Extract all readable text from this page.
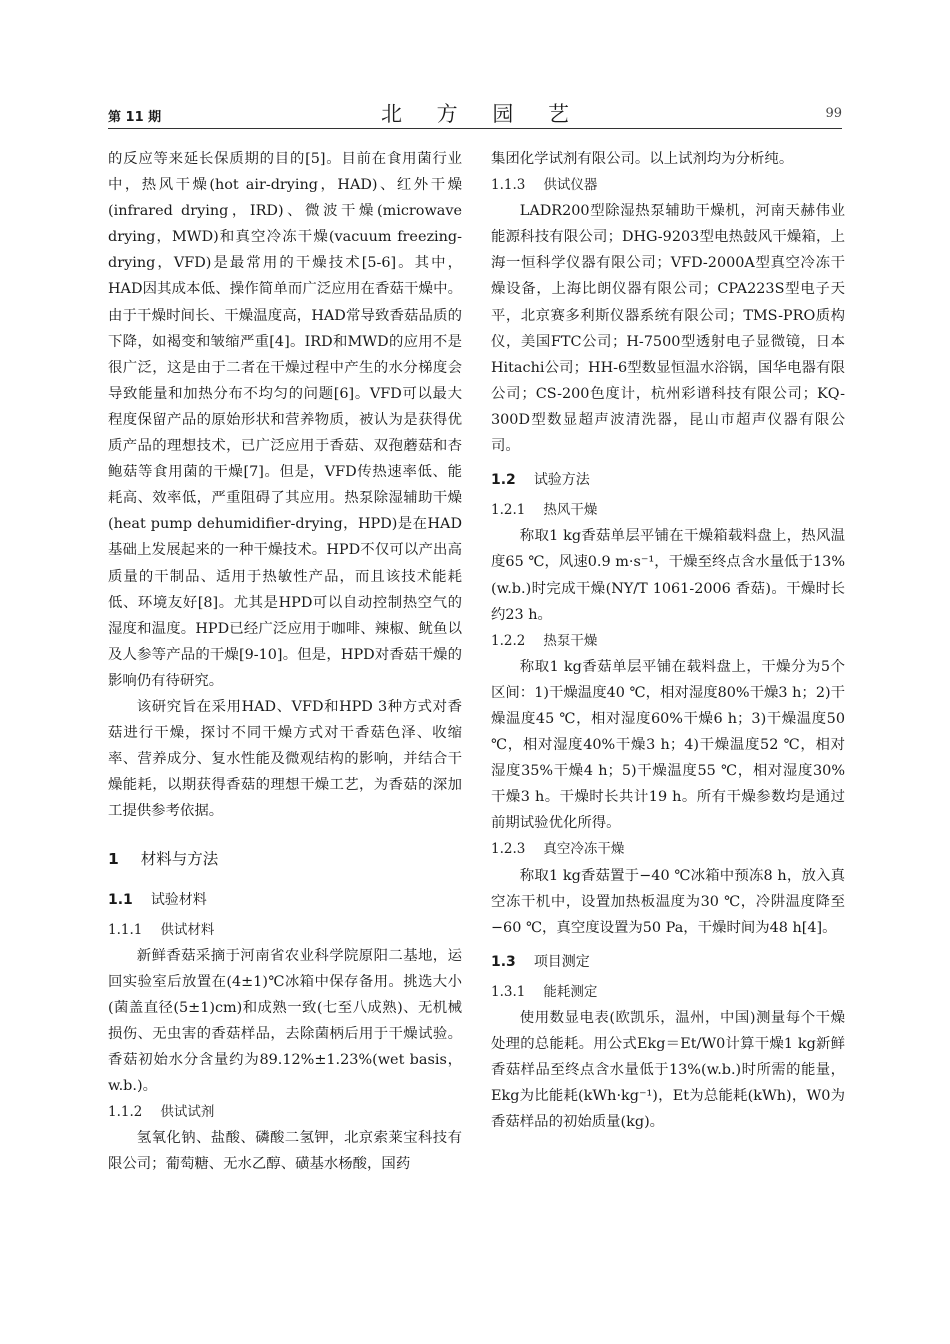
第 11 期	北 方 园 艺	99

的反应等来延长保质期的目的[5]。目前在食用菌行业中，热风干燥(hot air-drying，HAD)、红外干燥(infrared drying，IRD)、微波干燥(microwave drying，MWD)和真空冷冻干燥(vacuum freezing-drying，VFD)是最常用的干燥技术[5-6]。其中，HAD因其成本低、操作简单而广泛应用在香菇干燥中。由于干燥时间长、干燥温度高，HAD常导致香菇品质的下降，如褐变和皱缩严重[4]。IRD和MWD的应用不是很广泛，这是由于二者在干燥过程中产生的水分梯度会导致能量和加热分布不均匀的问题[6]。VFD可以最大程度保留产品的原始形状和营养物质，被认为是获得优质产品的理想技术，已广泛应用于香菇、双孢蘑菇和杏鲍菇等食用菌的干燥[7]。但是，VFD传热速率低、能耗高、效率低，严重阻碍了其应用。热泵除湿辅助干燥(heat pump dehumidifier-drying，HPD)是在HAD基础上发展起来的一种干燥技术。HPD不仅可以产出高质量的干制品、适用于热敏性产品，而且该技术能耗低、环境友好[8]。尤其是HPD可以自动控制热空气的湿度和温度。HPD已经广泛应用于咖啡、辣椒、鱿鱼以及人参等产品的干燥[9-10]。但是，HPD对香菇干燥的影响仍有待研究。

该研究旨在采用HAD、VFD和HPD 3种方式对香菇进行干燥，探讨不同干燥方式对干香菇色泽、收缩率、营养成分、复水性能及微观结构的影响，并结合干燥能耗，以期获得香菇的理想干燥工艺，为香菇的深加工提供参考依据。

1 材料与方法
1.1 试验材料
1.1.1 供试材料

新鲜香菇采摘于河南省农业科学院原阳二基地，运回实验室后放置在(4±1)℃冰箱中保存备用。挑选大小(菌盖直径(5±1)cm)和成熟一致(七至八成熟)、无机械损伤、无虫害的香菇样品，去除菌柄后用于干燥试验。香菇初始水分含量约为89.12%±1.23%(wet basis，w.b.)。

1.1.2 供试试剂

氢氧化钠、盐酸、磷酸二氢钾，北京索莱宝科技有限公司；葡萄糖、无水乙醇、磺基水杨酸，国药

集团化学试剂有限公司。以上试剂均为分析纯。

1.1.3 供试仪器

LADR200型除湿热泵辅助干燥机，河南天赫伟业能源科技有限公司；DHG-9203型电热鼓风干燥箱，上海一恒科学仪器有限公司；VFD-2000A型真空冷冻干燥设备，上海比朗仪器有限公司；CPA223S型电子天平，北京赛多利斯仪器系统有限公司；TMS-PRO质构仪，美国FTC公司；H-7500型透射电子显微镜，日本Hitachi公司；HH-6型数显恒温水浴锅，国华电器有限公司；CS-200色度计，杭州彩谱科技有限公司；KQ-300D型数显超声波清洗器，昆山市超声仪器有限公司。

1.2 试验方法
1.2.1 热风干燥

称取1 kg香菇单层平铺在干燥箱载料盘上，热风温度65 ℃，风速0.9 m·s⁻¹，干燥至终点含水量低于13%(w.b.)时完成干燥(NY/T 1061-2006 香菇)。干燥时长约23 h。

1.2.2 热泵干燥

称取1 kg香菇单层平铺在载料盘上，干燥分为5个区间：1)干燥温度40 ℃，相对湿度80%干燥3 h；2)干燥温度45 ℃，相对湿度60%干燥6 h；3)干燥温度50 ℃，相对湿度40%干燥3 h；4)干燥温度52 ℃，相对湿度35%干燥4 h；5)干燥温度55 ℃，相对湿度30%干燥3 h。干燥时长共计19 h。所有干燥参数均是通过前期试验优化所得。

1.2.3 真空冷冻干燥

称取1 kg香菇置于−40 ℃冰箱中预冻8 h，放入真空冻干机中，设置加热板温度为30 ℃，冷阱温度降至−60 ℃，真空度设置为50 Pa，干燥时间为48 h[4]。

1.3 项目测定
1.3.1 能耗测定

使用数显电表(欧凯乐，温州，中国)测量每个干燥处理的总能耗。用公式Ekg＝Et/W0计算干燥1 kg新鲜香菇样品至终点含水量低于13%(w.b.)时所需的能量，Ekg为比能耗(kWh·kg⁻¹)，Et为总能耗(kWh)，W0为香菇样品的初始质量(kg)。
